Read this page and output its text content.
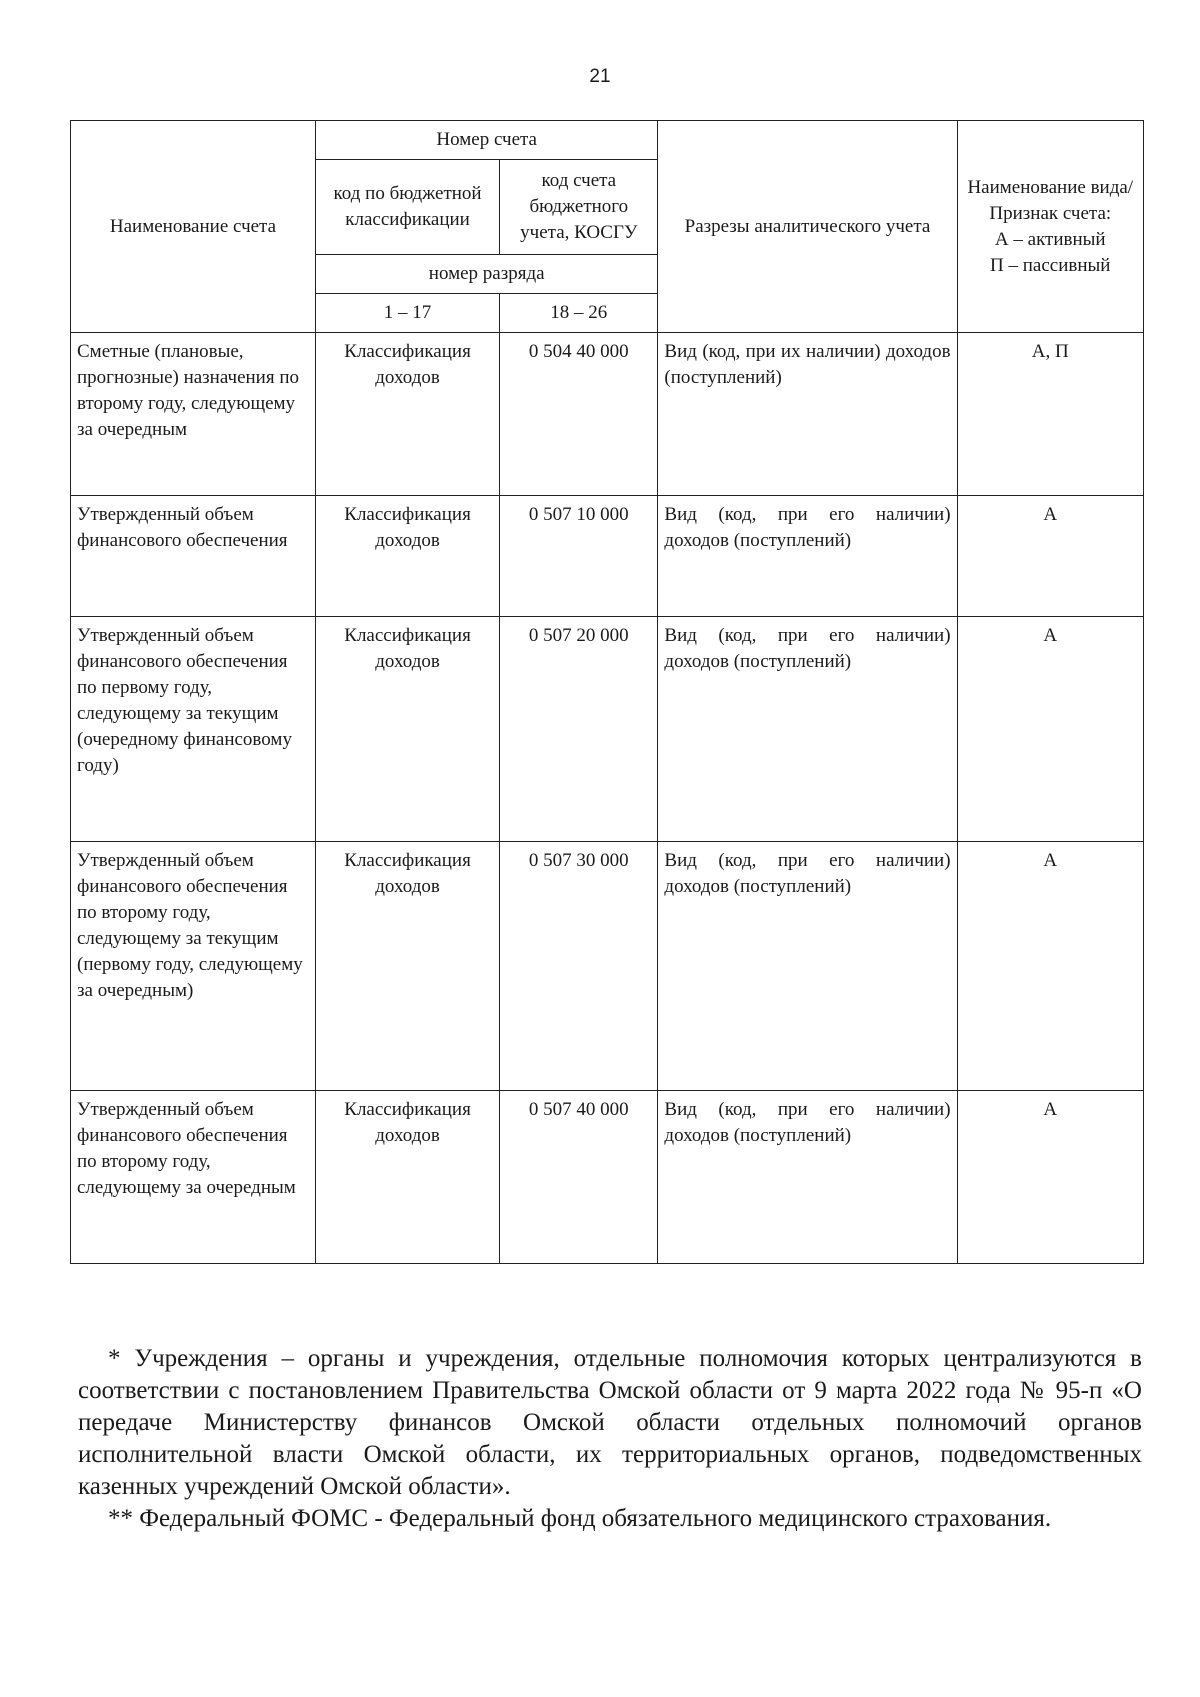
21
Наименование счета	Номер счета		Разрезы аналитического учета	Наименование вида/Признак счета:
А – активный
П – пассивный

	код по бюджетной классификации	код счета бюджетного учета, КОСГУ		
	номер разряда			
	1 – 17	18 – 26		

Сметные (плановые, прогнозные) назначения по второму году, следующему за очередным	Классификация доходов	0 504 40 000	Вид (код, при их наличии) доходов (поступлений)	А, П
Утвержденный объем финансового обеспечения	Классификация доходов	0 507 10 000	Вид (код, при его наличии) доходов (поступлений)	А
Утвержденный объем финансового обеспечения по первому году, следующему за текущим (очередному финансовому году)	Классификация доходов	0 507 20 000	Вид (код, при его наличии) доходов (поступлений)	А
Утвержденный объем финансового обеспечения по второму году, следующему за текущим (первому году, следующему за очередным)	Классификация доходов	0 507 30 000	Вид (код, при его наличии) доходов (поступлений)	А
Утвержденный объем финансового обеспечения по второму году, следующему за очередным	Классификация доходов	0 507 40 000	Вид (код, при его наличии) доходов (поступлений)	А

* Учреждения – органы и учреждения, отдельные полномочия которых централизуются в соответствии с постановлением Правительства Омской области от 9 марта 2022 года № 95-п «О передаче Министерству финансов Омской области отдельных полномочий органов исполнительной власти Омской области, их территориальных органов, подведомственных казенных учреждений Омской области».

** Федеральный ФОМС - Федеральный фонд обязательного медицинского страхования.
